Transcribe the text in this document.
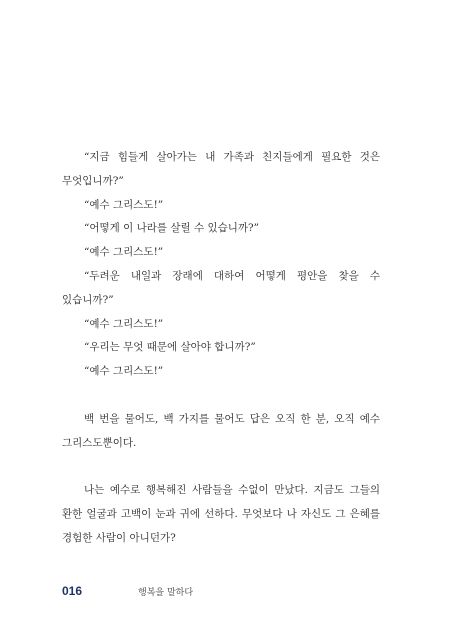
“지금 힘들게 살아가는 내 가족과 친지들에게 필요한 것은 무엇입니까?”

“예수 그리스도!”

“어떻게 이 나라를 살릴 수 있습니까?”

“예수 그리스도!”

“두려운 내일과 장래에 대하여 어떻게 평안을 찾을 수 있습니까?”

“예수 그리스도!”

“우리는 무엇 때문에 살아야 합니까?”

“예수 그리스도!”

백 번을 물어도, 백 가지를 물어도 답은 오직 한 분, 오직 예수 그리스도뿐이다.

나는 예수로 행복해진 사람들을 수없이 만났다. 지금도 그들의 환한 얼굴과 고백이 눈과 귀에 선하다. 무엇보다 나 자신도 그 은혜를 경험한 사람이 아니던가?

016	행복을 말하다
